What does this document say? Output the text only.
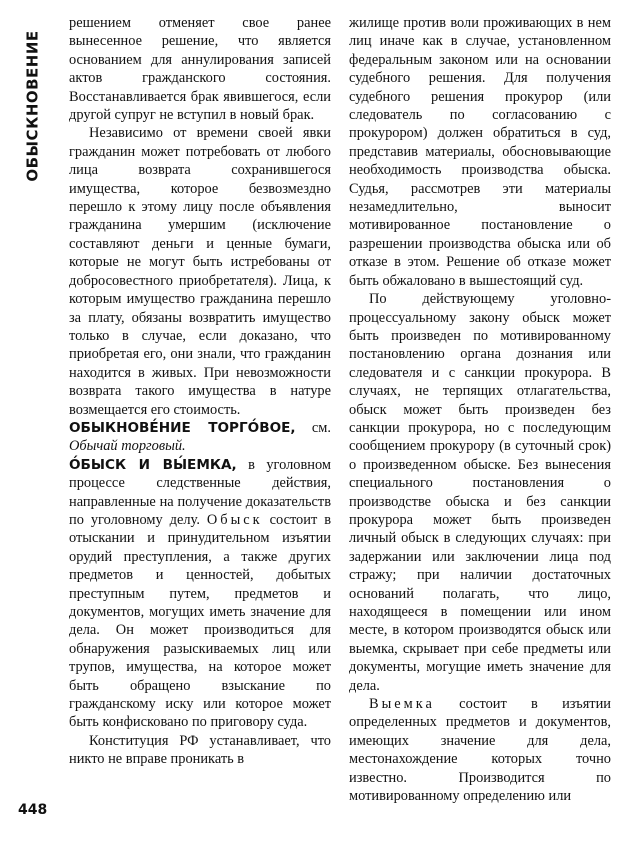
ОБЫСКНОВЕНИЕ

решением отменяет свое ранее вынесенное решение, что является основанием для аннулирования записей актов гражданского состояния. Восстанавливается брак явившегося, если другой супруг не вступил в новый брак.

Независимо от времени своей явки гражданин может потребовать от любого лица возврата сохранившегося имущества, которое безвозмездно перешло к этому лицу после объявления гражданина умершим (исключение составляют деньги и ценные бумаги, которые не могут быть истребованы от добросовестного приобретателя). Лица, к которым имущество гражданина перешло за плату, обязаны возвратить имущество только в случае, если доказано, что приобретая его, они знали, что гражданин находится в живых. При невозможности возврата такого имущества в натуре возмещается его стоимость.

ОБЫКНОВЕ́НИЕ ТОРГО́ВОЕ, см. Обычай торговый.

О́БЫСК И ВЫ́ЕМКА, в уголовном процессе следственные действия, направленные на получение доказательств по уголовному делу. Обыск состоит в отыскании и принудительном изъятии орудий преступления, а также других предметов и ценностей, добытых преступным путем, предметов и документов, могущих иметь значение для дела. Он может производиться для обнаружения разыскиваемых лиц или трупов, имущества, на которое может быть обращено взыскание по гражданскому иску или которое может быть конфисковано по приговору суда.

Конституция РФ устанавливает, что никто не вправе проникать в

жилище против воли проживающих в нем лиц иначе как в случае, установленном федеральным законом или на основании судебного решения. Для получения судебного решения прокурор (или следователь по согласованию с прокурором) должен обратиться в суд, представив материалы, обосновывающие необходимость производства обыска. Судья, рассмотрев эти материалы незамедлительно, выносит мотивированное постановление о разрешении производства обыска или об отказе в этом. Решение об отказе может быть обжаловано в вышестоящий суд.

По действующему уголовно-процессуальному закону обыск может быть произведен по мотивированному постановлению органа дознания или следователя и с санкции прокурора. В случаях, не терпящих отлагательства, обыск может быть произведен без санкции прокурора, но с последующим сообщением прокурору (в суточный срок) о произведенном обыске. Без вынесения специального постановления о производстве обыска и без санкции прокурора может быть произведен личный обыск в следующих случаях: при задержании или заключении лица под стражу; при наличии достаточных оснований полагать, что лицо, находящееся в помещении или ином месте, в котором производятся обыск или выемка, скрывает при себе предметы или документы, могущие иметь значение для дела.

Выемка состоит в изъятии определенных предметов и документов, имеющих значение для дела, местонахождение которых точно известно. Производится по мотивированному определению или

448
